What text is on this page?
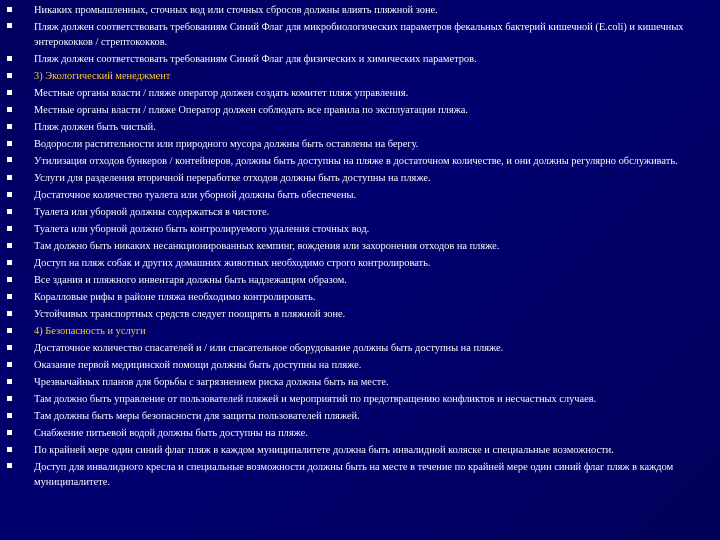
Никаких промышленных, сточных вод или сточных сбросов должны влиять пляжной зоне.
Пляж должен соответствовать требованиям Синий Флаг для микробиологических параметров фекальных бактерий кишечной (E.coli) и кишечных энтерококков / стрептококков.
Пляж должен соответствовать требованиям Синий Флаг для физических и химических параметров.
3) Экологический менеджмент
Местные органы власти / пляже оператор должен создать комитет пляж управления.
Местные органы власти / пляже Оператор должен соблюдать все правила по эксплуатации пляжа.
Пляж должен быть чистый.
Водоросли растительности или природного мусора должны быть оставлены на берегу.
Утилизация отходов бункеров / контейнеров, должны быть доступны на пляже в достаточном количестве, и они должны регулярно обслуживать.
Услуги для разделения вторичной переработке отходов должны быть доступны на пляже.
Достаточное количество туалета или уборной должны быть обеспечены.
Туалета или уборной должны содержаться в чистоте.
Туалета или уборной должно быть контролируемого удаления сточных вод.
Там должно быть никаких несанкционированных кемпинг, вождения или захоронения отходов на пляже.
Доступ на пляж собак и других домашних животных необходимо строго контролировать.
Все здания и пляжного инвентаря должны быть надлежащим образом.
Коралловые рифы в районе пляжа необходимо контролировать.
Устойчивых транспортных средств следует поощрять в пляжной зоне.
4) Безопасность и услуги
Достаточное количество спасателей и / или спасательное оборудование должны быть доступны на пляже.
Оказание первой медицинской помощи должны быть доступны на пляже.
Чрезвычайных планов для борьбы с загрязнением риска должны быть на месте.
Там должно быть управление от пользователей пляжей и мероприятий по предотвращению конфликтов и несчастных случаев.
Там должны быть меры безопасности для защиты пользователей пляжей.
Снабжение питьевой водой должны быть доступны на пляже.
По крайней мере один синий флаг пляж в каждом муниципалитете должна быть инвалидной коляске и специальные возможности.
Доступ для инвалидного кресла и специальные возможности должны быть на месте в течение по крайней мере один синий флаг пляж в каждом муниципалитете.
